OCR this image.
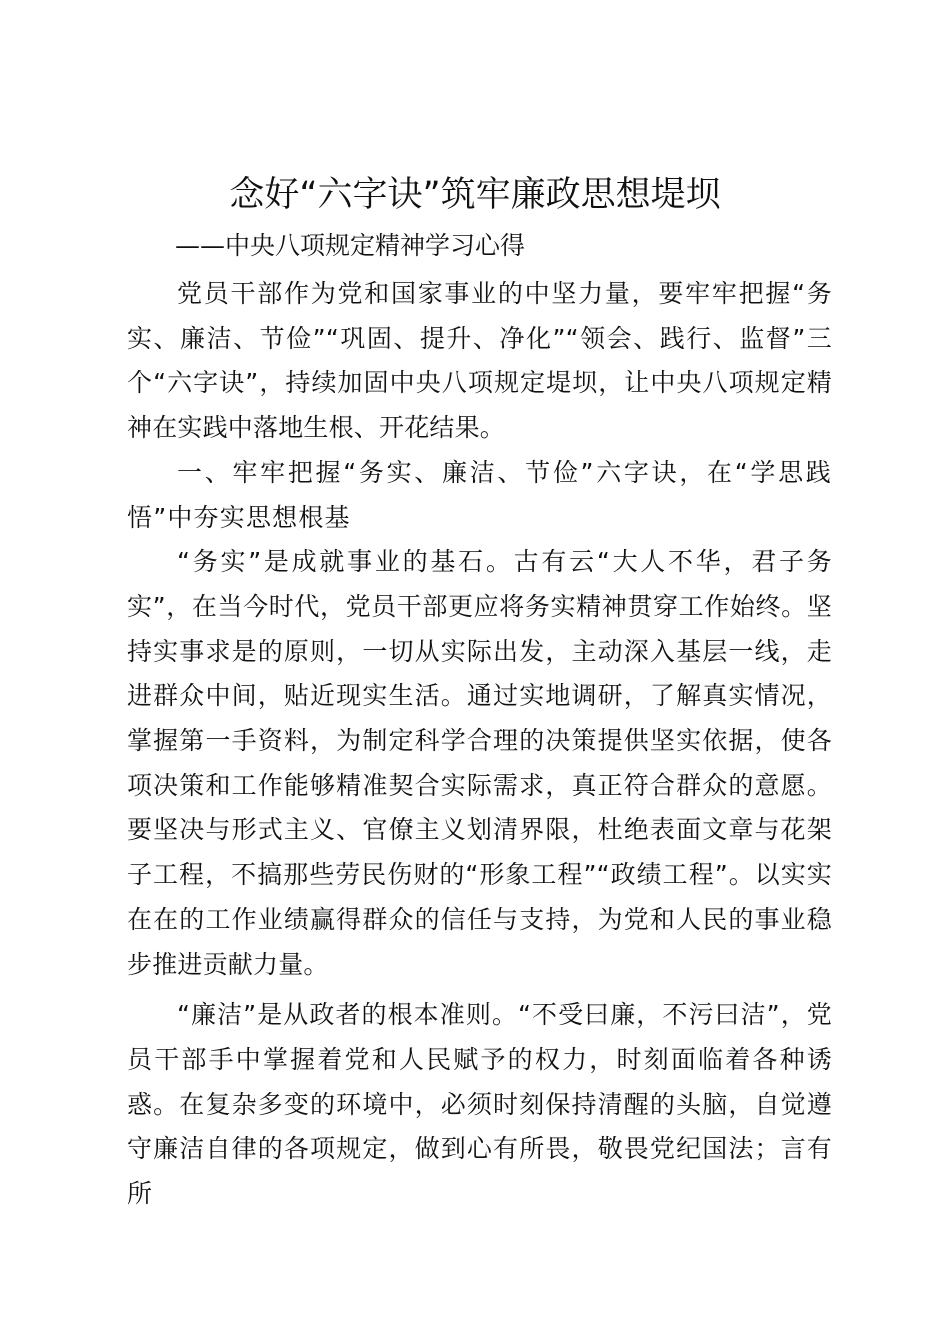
念好“六字诀”筑牢廉政思想堤坝
——中央八项规定精神学习心得

党员干部作为党和国家事业的中坚力量，要牢牢把握“务实、廉洁、节俭”“巩固、提升、净化”“领会、践行、监督”三个“六字诀”，持续加固中央八项规定堤坝，让中央八项规定精神在实践中落地生根、开花结果。

一、牢牢把握“务实、廉洁、节俭”六字诀，在“学思践悟”中夯实思想根基

“务实”是成就事业的基石。古有云“大人不华，君子务实”，在当今时代，党员干部更应将务实精神贯穿工作始终。坚持实事求是的原则，一切从实际出发，主动深入基层一线，走进群众中间，贴近现实生活。通过实地调研，了解真实情况，掌握第一手资料，为制定科学合理的决策提供坚实依据，使各项决策和工作能够精准契合实际需求，真正符合群众的意愿。要坚决与形式主义、官僚主义划清界限，杜绝表面文章与花架子工程，不搞那些劳民伤财的“形象工程”“政绩工程”。以实实在在的工作业绩赢得群众的信任与支持，为党和人民的事业稳步推进贡献力量。

“廉洁”是从政者的根本准则。“不受曰廉，不污曰洁”，党员干部手中掌握着党和人民赋予的权力，时刻面临着各种诱惑。在复杂多变的环境中，必须时刻保持清醒的头脑，自觉遵守廉洁自律的各项规定，做到心有所畏，敬畏党纪国法；言有所
